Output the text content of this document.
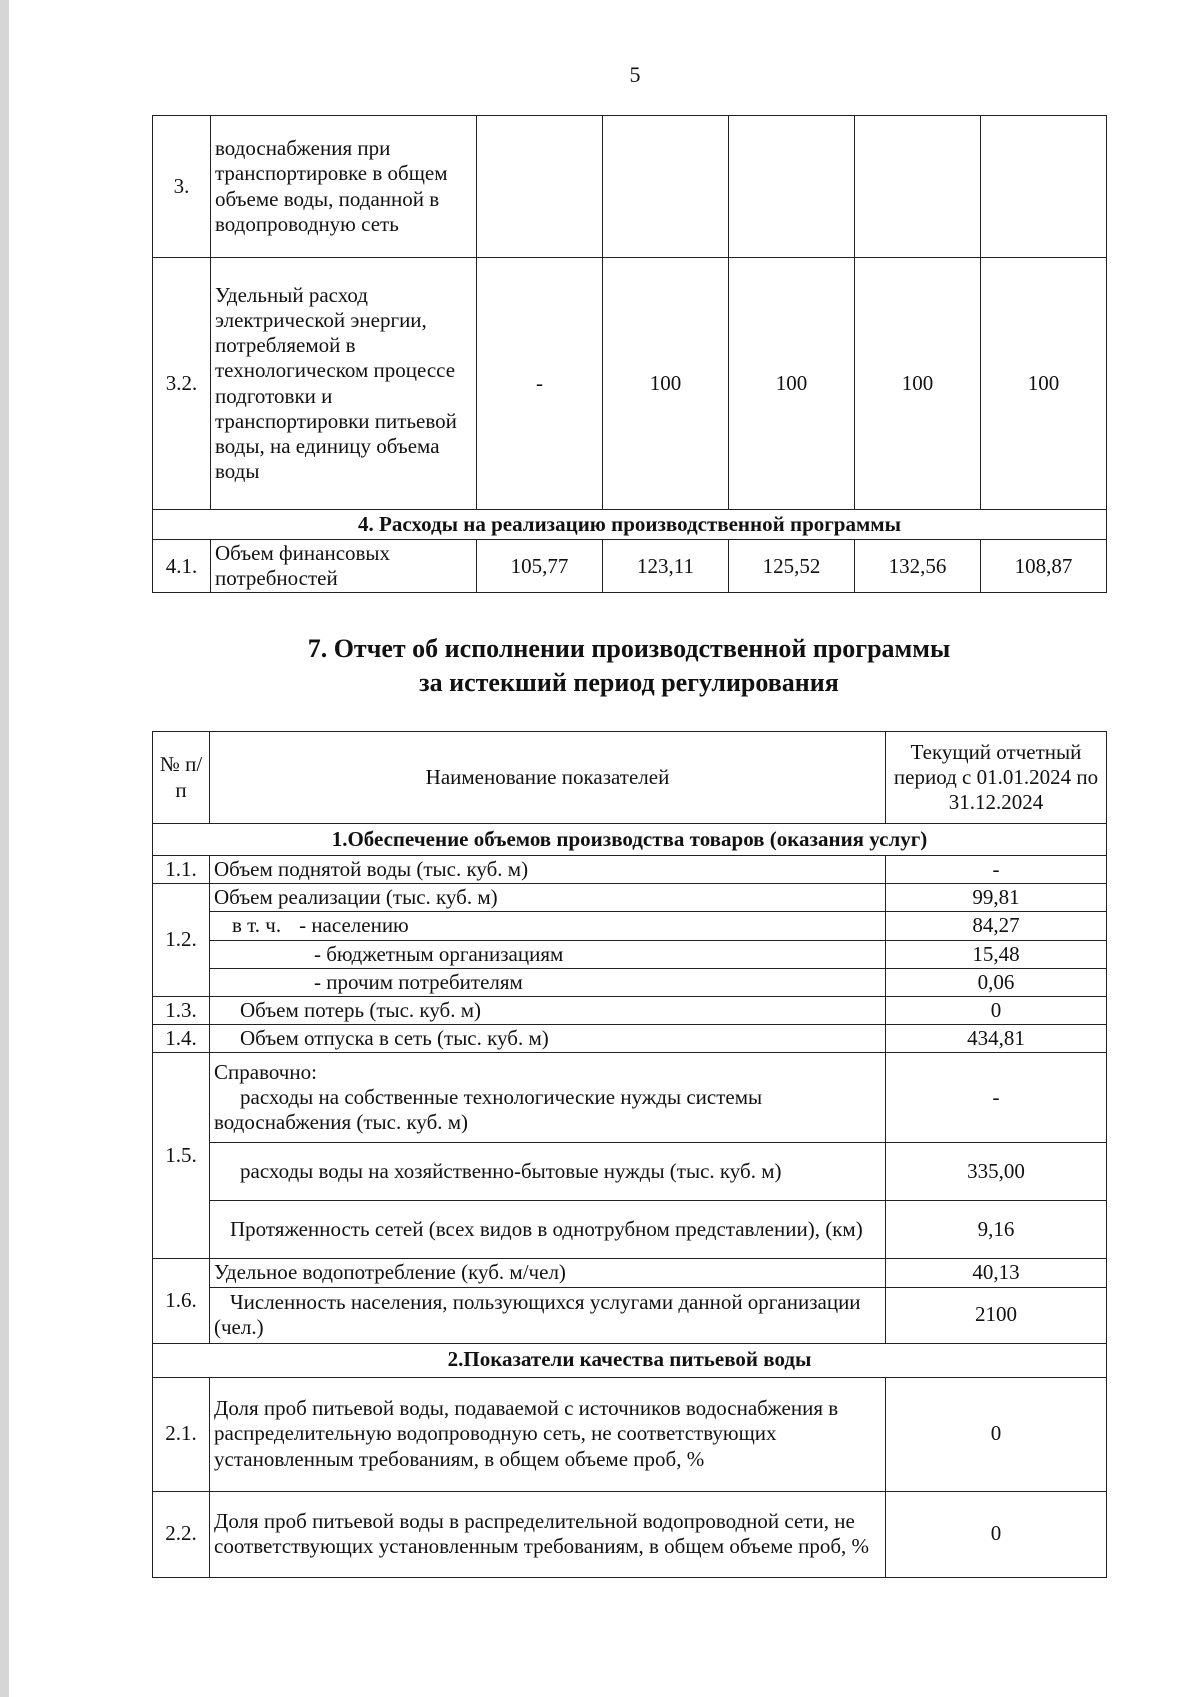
5
3.	водоснабжения при транспортировке в общем объеме воды, поданной в водопроводную сеть					
3.2.	Удельный расход электрической энергии, потребляемой в технологическом процессе подготовки и транспортировки питьевой воды, на единицу объема воды	-	100	100	100	100
4. Расходы на реализацию производственной программы						
4.1.	Объем финансовых потребностей	105,77	123,11	125,52	132,56	108,87
7. Отчет об исполнении производственной программы
за истекший период регулирования
№ п/п	Наименование показателей	Текущий отчетный период с 01.01.2024 по 31.12.2024
1.Обеспечение объемов производства товаров (оказания услуг)		
1.1.	Объем поднятой воды (тыс. куб. м)	-
1.2.	Объем реализации (тыс. куб. м)	99,81
	в т. ч. - населению	84,27
	- бюджетным организациям	15,48
	- прочим потребителям	0,06
1.3.	Объем потерь (тыс. куб. м)	0
1.4.	Объем отпуска в сеть (тыс. куб. м)	434,81
1.5.	Справочно:
расходы на собственные технологические нужды системы водоснабжения (тыс. куб. м)	-
	расходы воды на хозяйственно-бытовые нужды (тыс. куб. м)	335,00
	Протяженность сетей (всех видов в однотрубном представлении), (км)	9,16
1.6.	Удельное водопотребление (куб. м/чел)	40,13
	Численность населения, пользующихся услугами данной организации (чел.)	2100
2.Показатели качества питьевой воды		
2.1.	Доля проб питьевой воды, подаваемой с источников водоснабжения в распределительную водопроводную сеть, не соответствующих установленным требованиям, в общем объеме проб, %	0
2.2.	Доля проб питьевой воды в распределительной водопроводной сети, не соответствующих установленным требованиям, в общем объеме проб, %	0
